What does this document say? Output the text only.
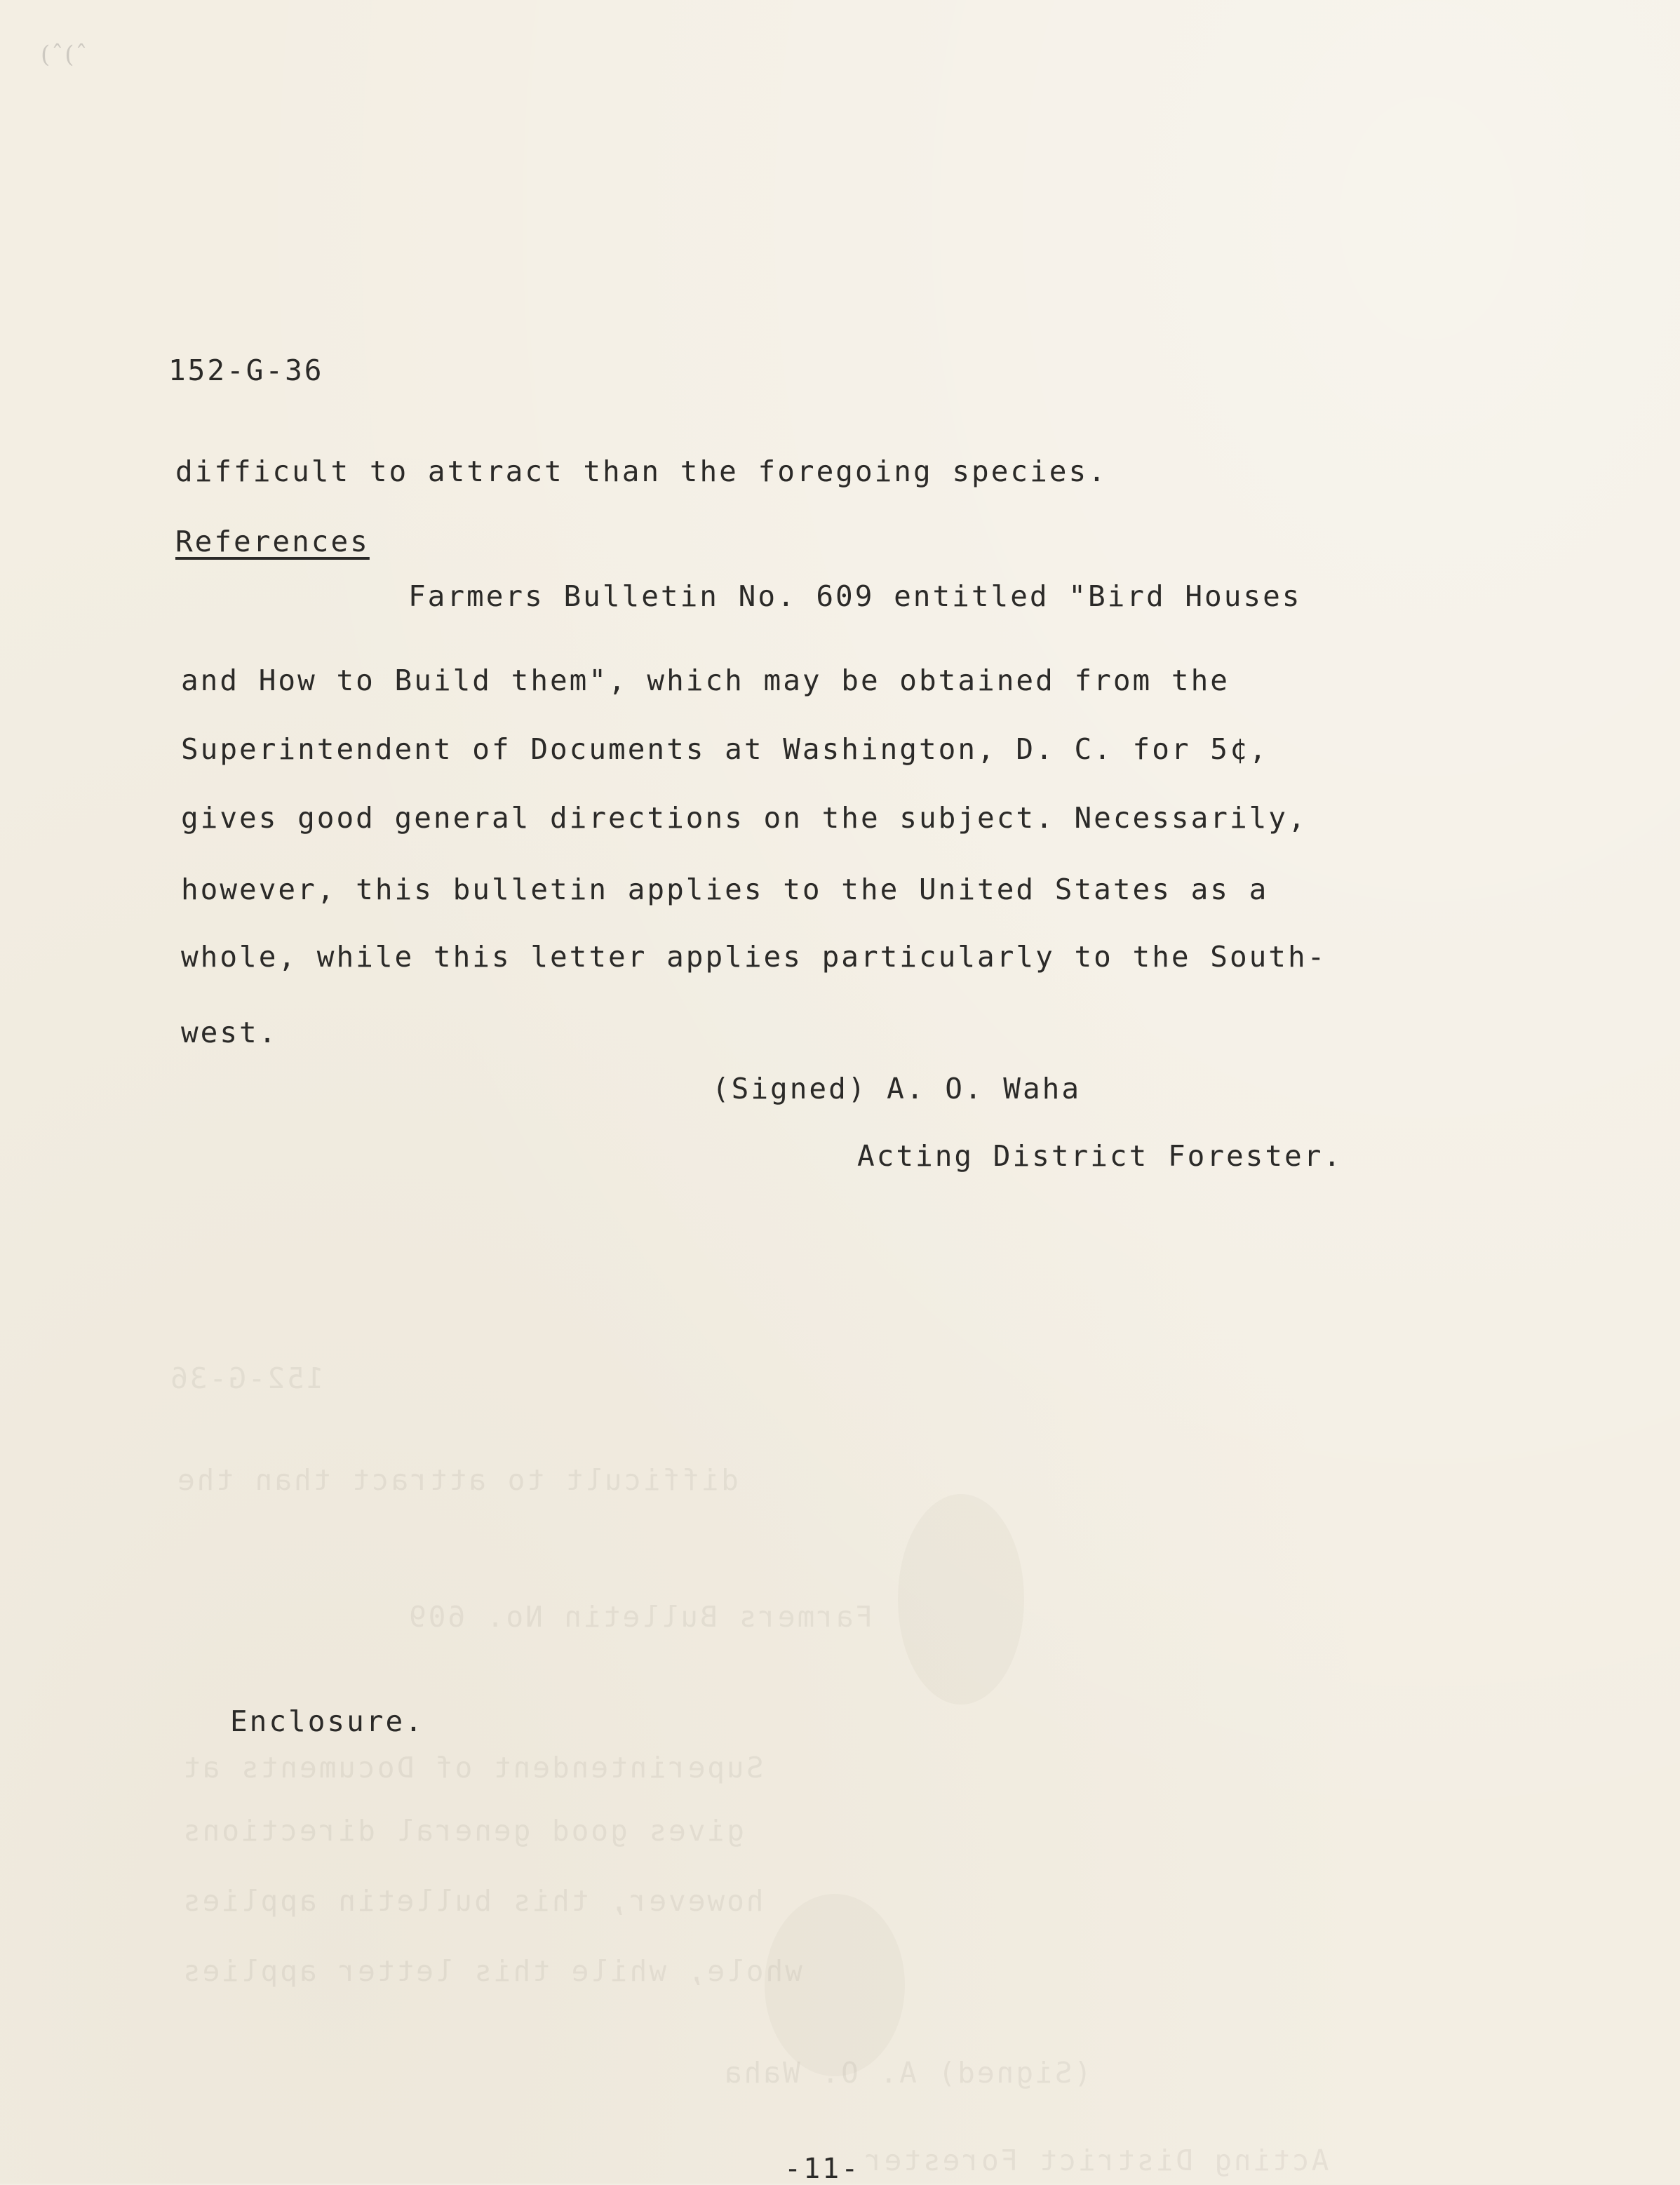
(ˆ(ˆ
152-G-36
difficult to attract than the
Farmers Bulletin No. 609
Superintendent of Documents at
gives good general directions
however, this bulletin applies
whole, while this letter applies
(Signed) A. O. Waha
Acting District Forester
152-G-36
difficult to attract than the foregoing species.
References
Farmers Bulletin No. 609 entitled "Bird Houses
and How to Build them", which may be obtained from the
Superintendent of Documents at Washington, D. C. for 5¢,
gives good general directions on the subject. Necessarily,
however, this bulletin applies to the United States as a
whole, while this letter applies particularly to the South-
west.
(Signed) A. O. Waha
Acting District Forester.
Enclosure.
-11-
